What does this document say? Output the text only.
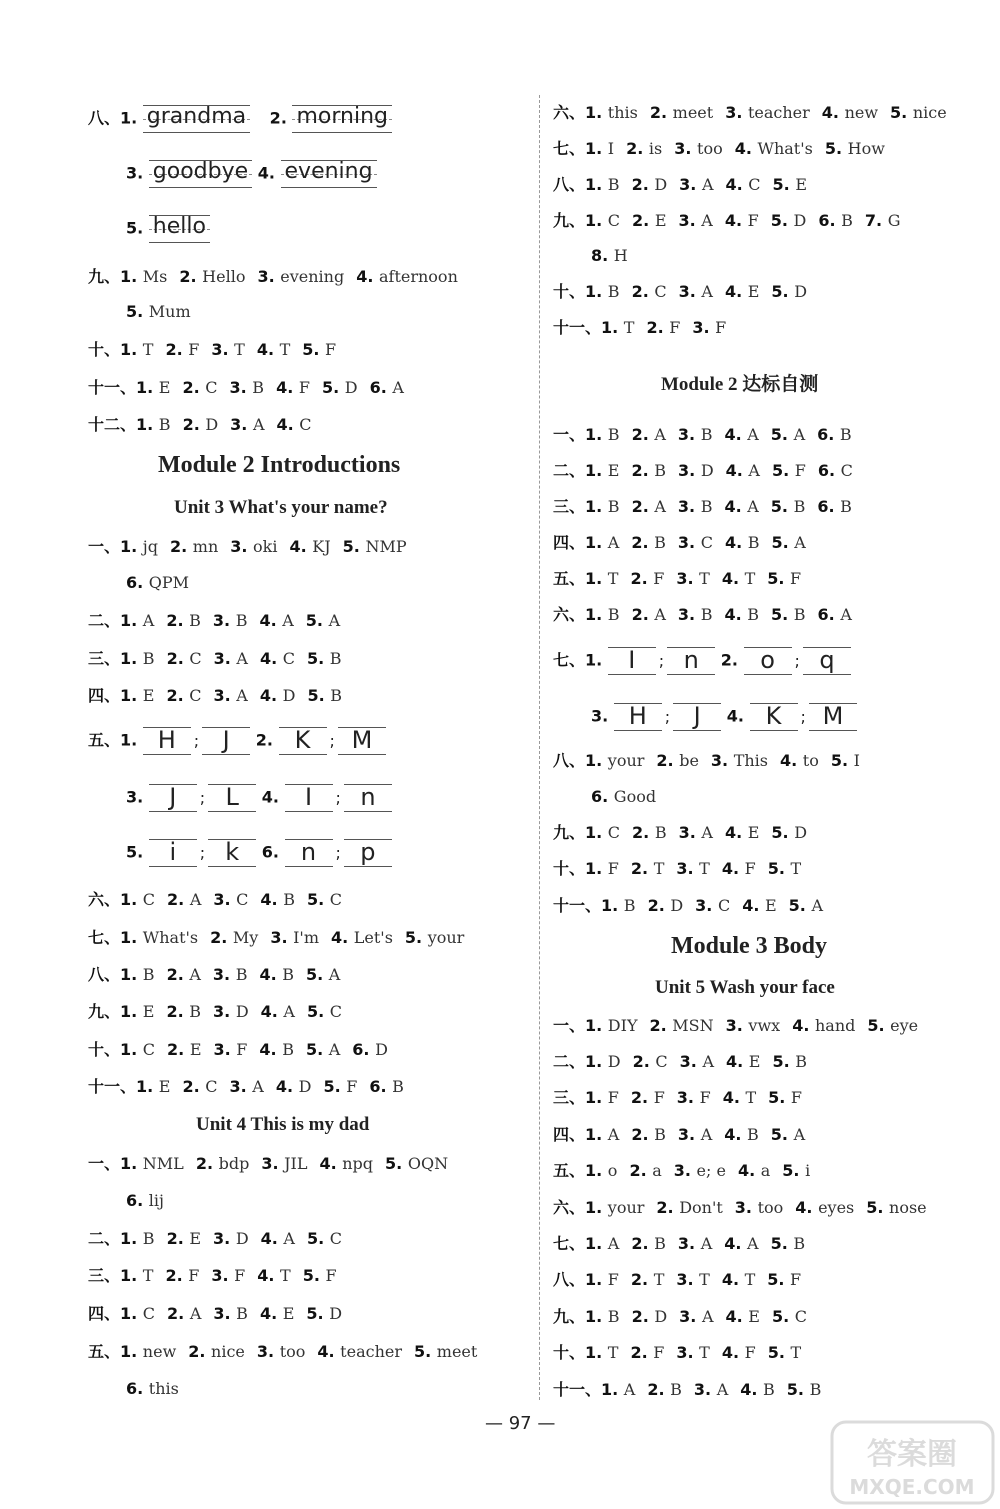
八、1.
grandma 2.
morning
3.
goodbye 4.
evening
5.
hello
九、1. Ms 2. Hello 3. evening 4. afternoon
5. Mum
十、1. T 2. F 3. T 4. T 5. F
十一、1. E 2. C 3. B 4. F 5. D 6. A
十二、1. B 2. D 3. A 4. C
Module 2 Introductions
Unit 3 What's your name?
一、1. jq 2. mn 3. oki 4. KJ 5. NMP
6. QPM
二、1. A 2. B 3. B 4. A 5. A
三、1. B 2. C 3. A 4. C 5. B
四、1. E 2. C 3. A 4. D 5. B
五、1. H ; J 2. K ; M
3. J ; L 4. I ; n
5. i ; k 6. n ; p
六、1. C 2. A 3. C 4. B 5. C
七、1. What's 2. My 3. I'm 4. Let's 5. your
八、1. B 2. A 3. B 4. B 5. A
九、1. E 2. B 3. D 4. A 5. C
十、1. C 2. E 3. F 4. B 5. A 6. D
十一、1. E 2. C 3. A 4. D 5. F 6. B
Unit 4 This is my dad
一、1. NML 2. bdp 3. JIL 4. npq 5. OQN
6. lij
二、1. B 2. E 3. D 4. A 5. C
三、1. T 2. F 3. F 4. T 5. F
四、1. C 2. A 3. B 4. E 5. D
五、1. new 2. nice 3. too 4. teacher 5. meet
6. this
六、1. this 2. meet 3. teacher 4. new 5. nice
七、1. I 2. is 3. too 4. What's 5. How
八、1. B 2. D 3. A 4. C 5. E
九、1. C 2. E 3. A 4. F 5. D 6. B 7. G
8. H
十、1. B 2. C 3. A 4. E 5. D
十一、1. T 2. F 3. F
Module 2 达标自测
一、1. B 2. A 3. B 4. A 5. A 6. B
二、1. E 2. B 3. D 4. A 5. F 6. C
三、1. B 2. A 3. B 4. A 5. B 6. B
四、1. A 2. B 3. C 4. B 5. A
五、1. T 2. F 3. T 4. T 5. F
六、1. B 2. A 3. B 4. B 5. B 6. A
七、1. I ; n 2. o ; q
3. H ; J 4. K ; M
八、1. your 2. be 3. This 4. to 5. I
6. Good
九、1. C 2. B 3. A 4. E 5. D
十、1. F 2. T 3. T 4. F 5. T
十一、1. B 2. D 3. C 4. E 5. A
Module 3 Body
Unit 5 Wash your face
一、1. DIY 2. MSN 3. vwx 4. hand 5. eye
二、1. D 2. C 3. A 4. E 5. B
三、1. F 2. F 3. F 4. T 5. F
四、1. A 2. B 3. A 4. B 5. A
五、1. o 2. a 3. e; e 4. a 5. i
六、1. your 2. Don't 3. too 4. eyes 5. nose
七、1. A 2. B 3. A 4. A 5. B
八、1. F 2. T 3. T 4. T 5. F
九、1. B 2. D 3. A 4. E 5. C
十、1. T 2. F 3. T 4. F 5. T
十一、1. A 2. B 3. A 4. B 5. B
— 97 —
答案圈
MXQE.COM
